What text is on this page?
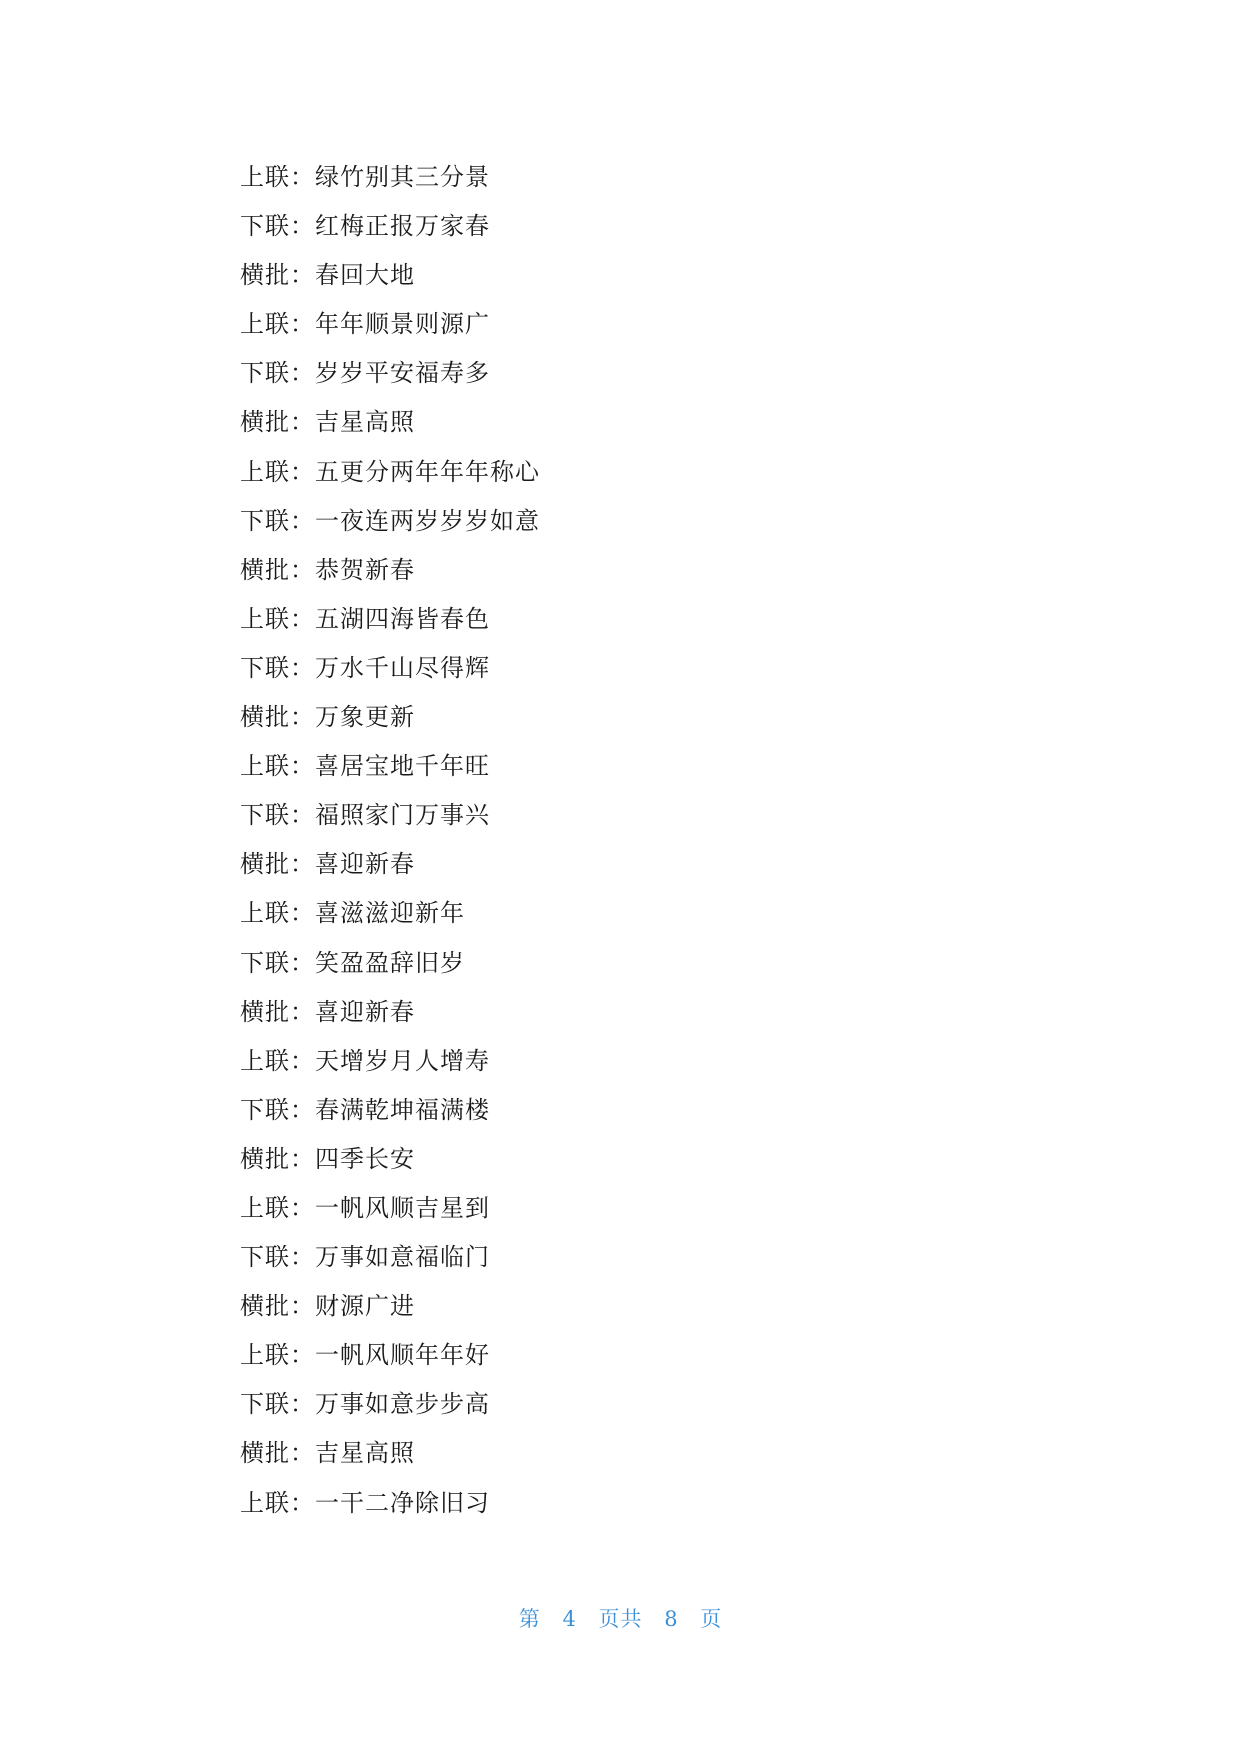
上联：绿竹别其三分景
下联：红梅正报万家春
横批：春回大地
上联：年年顺景则源广
下联：岁岁平安福寿多
横批：吉星高照
上联：五更分两年年年称心
下联：一夜连两岁岁岁如意
横批：恭贺新春
上联：五湖四海皆春色
下联：万水千山尽得辉
横批：万象更新
上联：喜居宝地千年旺
下联：福照家门万事兴
横批：喜迎新春
上联：喜滋滋迎新年
下联：笑盈盈辞旧岁
横批：喜迎新春
上联：天增岁月人增寿
下联：春满乾坤福满楼
横批：四季长安
上联：一帆风顺吉星到
下联：万事如意福临门
横批：财源广进
上联：一帆风顺年年好
下联：万事如意步步高
横批：吉星高照
上联：一干二净除旧习
第 4 页共 8 页
